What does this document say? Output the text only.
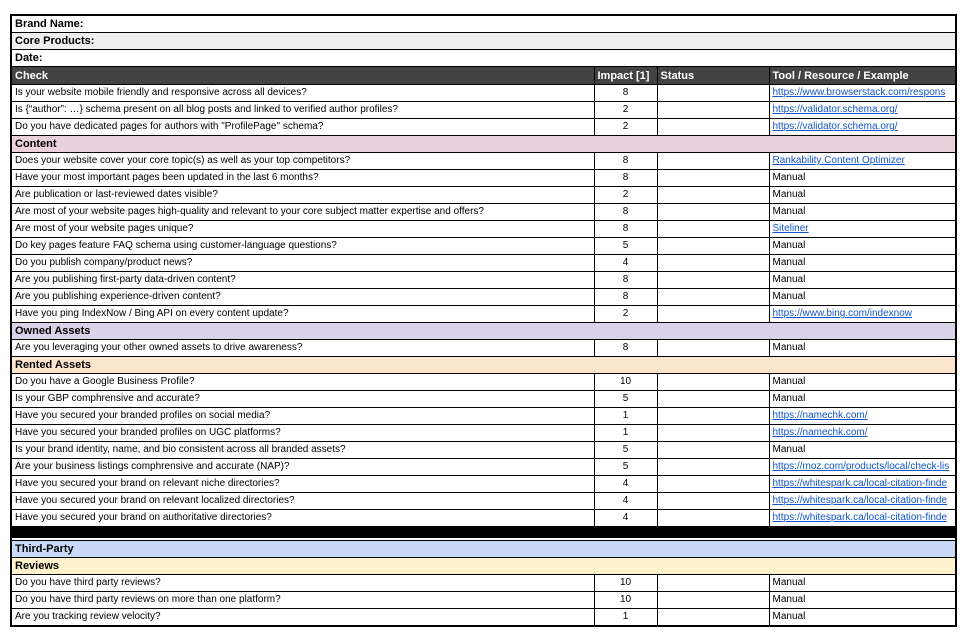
Brand Name:			
Core Products:			
Date:			
Check	Impact [1]	Status	Tool / Resource / Example
Is your website mobile friendly and responsive across all devices?	8		https://www.browserstack.com/respons
Is {“author”: …} schema present on all blog posts and linked to verified author profiles?	2		https://validator.schema.org/
Do you have dedicated pages for authors with "ProfilePage" schema?	2		https://validator.schema.org/
Content			
Does your website cover your core topic(s) as well as your top competitors?	8		Rankability Content Optimizer
Have your most important pages been updated in the last 6 months?	8		Manual
Are publication or last-reviewed dates visible?	2		Manual
Are most of your website pages high-quality and relevant to your core subject matter expertise and offers?	8		Manual
Are most of your website pages unique?	8		Siteliner
Do key pages feature FAQ schema using customer-language questions?	5		Manual
Do you publish company/product news?	4		Manual
Are you publishing first-party data-driven content?	8		Manual
Are you publishing experience-driven content?	8		Manual
Have you ping IndexNow / Bing API on every content update?	2		https://www.bing.com/indexnow
Owned Assets			
Are you leveraging your other owned assets to drive awareness?	8		Manual
Rented Assets			
Do you have a Google Business Profile?	10		Manual
Is your GBP comphrensive and accurate?	5		Manual
Have you secured your branded profiles on social media?	1		https://namechk.com/
Have you secured your branded profiles on UGC platforms?	1		https://namechk.com/
Is your brand identity, name, and bio consistent across all branded assets?	5		Manual
Are your business listings comphrensive and accurate (NAP)?	5		https://moz.com/products/local/check-lis
Have you secured your brand on relevant niche directories?	4		https://whitespark.ca/local-citation-finde
Have you secured your brand on relevant localized directories?	4		https://whitespark.ca/local-citation-finde
Have you secured your brand on authoritative directories?	4		https://whitespark.ca/local-citation-finde

Third-Party			
Reviews			
Do you have third party reviews?	10		Manual
Do you have third party reviews on more than one platform?	10		Manual
Are you tracking review velocity?	1		Manual
